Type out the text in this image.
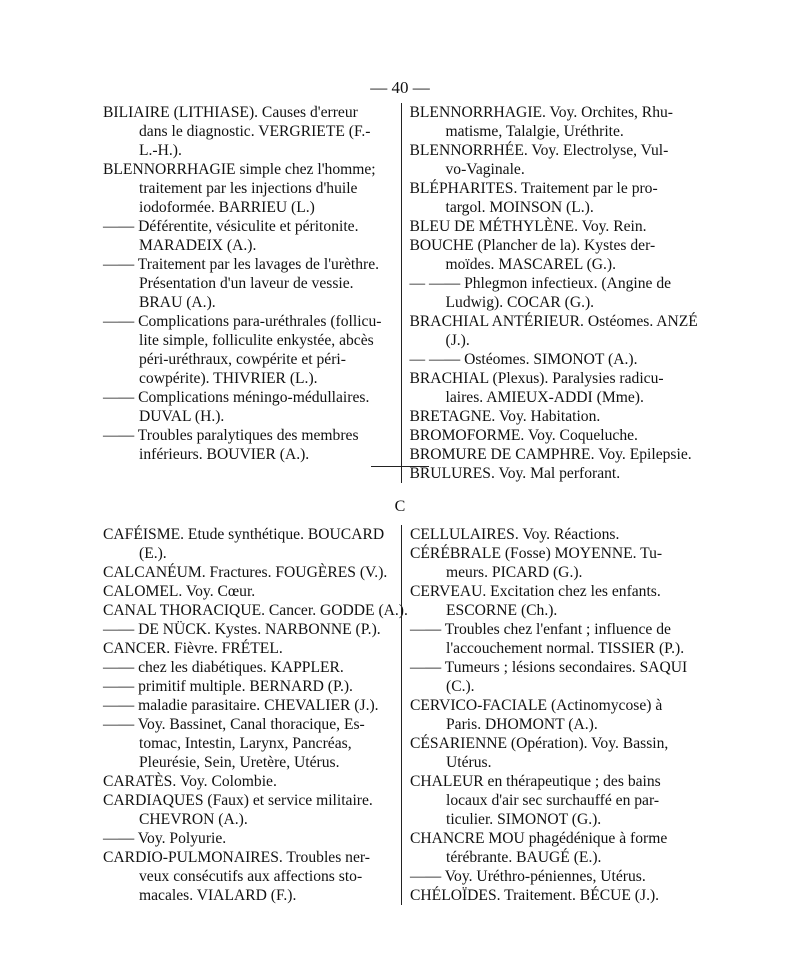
— 40 —
BILIAIRE (LITHIASE). Causes d'erreur
dans le diagnostic. VERGRIETE (F.-
L.-H.).
BLENNORRHAGIE simple chez l'homme;
traitement par les injections d'huile
iodoformée. BARRIEU (L.)
—— Déférentite, vésiculite et péritonite.
MARADEIX (A.).
—— Traitement par les lavages de l'urèthre.
Présentation d'un laveur de vessie.
BRAU (A.).
—— Complications para-uréthrales (follicu-
lite simple, folliculite enkystée, abcès
péri-uréthraux, cowpérite et péri-
cowpérite). THIVRIER (L.).
—— Complications méningo-médullaires.
DUVAL (H.).
—— Troubles paralytiques des membres
inférieurs. BOUVIER (A.).
BLENNORRHAGIE. Voy. Orchites, Rhu-
matisme, Talalgie, Uréthrite.
BLENNORRHÉE. Voy. Electrolyse, Vul-
vo-Vaginale.
BLÉPHARITES. Traitement par le pro-
targol. MOINSON (L.).
BLEU DE MÉTHYLÈNE. Voy. Rein.
BOUCHE (Plancher de la). Kystes der-
moïdes. MASCAREL (G.).
— —— Phlegmon infectieux. (Angine de
Ludwig). COCAR (G.).
BRACHIAL ANTÉRIEUR. Ostéomes. ANZÉ
(J.).
— —— Ostéomes. SIMONOT (A.).
BRACHIAL (Plexus). Paralysies radicu-
laires. AMIEUX-ADDI (Mme).
BRETAGNE. Voy. Habitation.
BROMOFORME. Voy. Coqueluche.
BROMURE DE CAMPHRE. Voy. Epilepsie.
BRULURES. Voy. Mal perforant.
C
CAFÉISME. Etude synthétique. BOUCARD
(E.).
CALCANÉUM. Fractures. FOUGÈRES (V.).
CALOMEL. Voy. Cœur.
CANAL THORACIQUE. Cancer. GODDE (A.).
—— DE NÜCK. Kystes. NARBONNE (P.).
CANCER. Fièvre. FRÉTEL.
—— chez les diabétiques. KAPPLER.
—— primitif multiple. BERNARD (P.).
—— maladie parasitaire. CHEVALIER (J.).
—— Voy. Bassinet, Canal thoracique, Es-
tomac, Intestin, Larynx, Pancréas,
Pleurésie, Sein, Uretère, Utérus.
CARATÈS. Voy. Colombie.
CARDIAQUES (Faux) et service militaire.
CHEVRON (A.).
—— Voy. Polyurie.
CARDIO-PULMONAIRES. Troubles ner-
veux consécutifs aux affections sto-
macales. VIALARD (F.).
CELLULAIRES. Voy. Réactions.
CÉRÉBRALE (Fosse) MOYENNE. Tu-
meurs. PICARD (G.).
CERVEAU. Excitation chez les enfants.
ESCORNE (Ch.).
—— Troubles chez l'enfant ; influence de
l'accouchement normal. TISSIER (P.).
—— Tumeurs ; lésions secondaires. SAQUI
(C.).
CERVICO-FACIALE (Actinomycose) à
Paris. DHOMONT (A.).
CÉSARIENNE (Opération). Voy. Bassin,
Utérus.
CHALEUR en thérapeutique ; des bains
locaux d'air sec surchauffé en par-
ticulier. SIMONOT (G.).
CHANCRE MOU phagédénique à forme
térébrante. BAUGÉ (E.).
—— Voy. Uréthro-péniennes, Utérus.
CHÉLOÏDES. Traitement. BÉCUE (J.).
